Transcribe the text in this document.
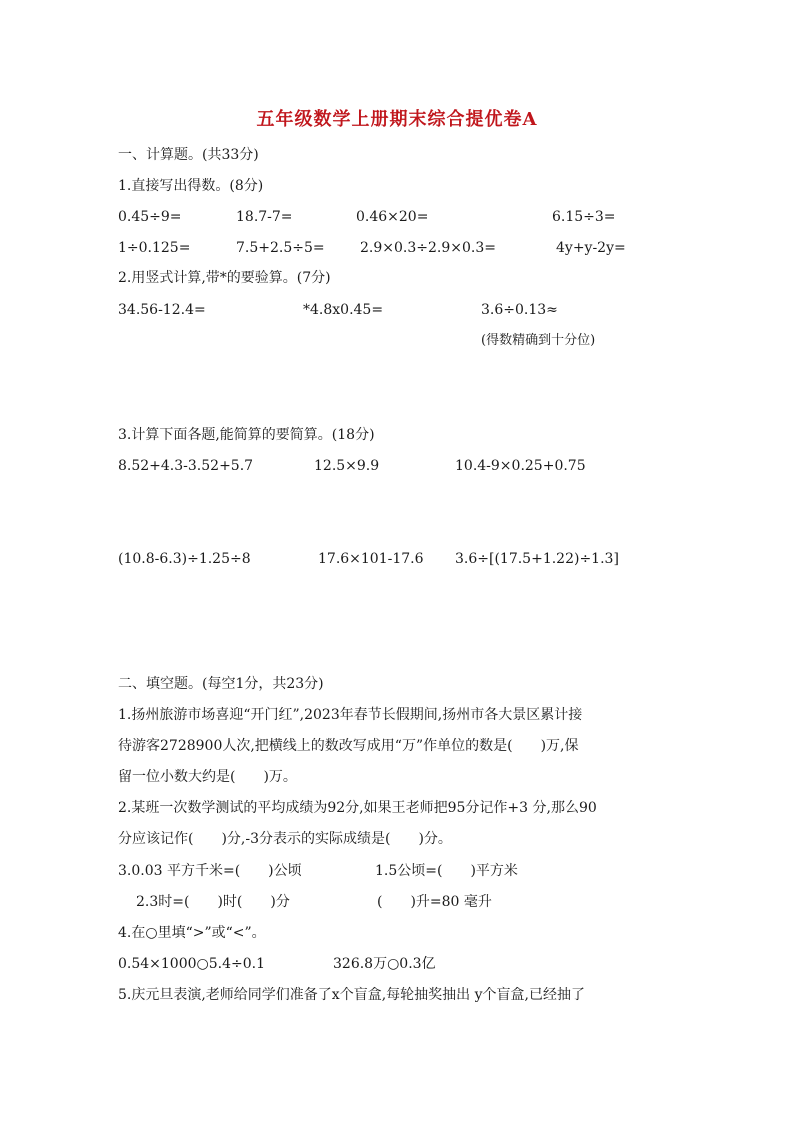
五年级数学上册期末综合提优卷A
一、计算题。(共33分)
1.直接写出得数。(8分)
0.45÷9=	18.7-7=	0.46×20=	6.15÷3=
1÷0.125=	7.5+2.5÷5=	2.9×0.3÷2.9×0.3=	4y+y-2y=
2.用竖式计算,带*的要验算。(7分)
34.56-12.4=	*4.8x0.45=	3.6÷0.13≈
(得数精确到十分位)
3.计算下面各题,能简算的要简算。(18分)
8.52+4.3-3.52+5.7	12.5×9.9	10.4-9×0.25+0.75
(10.8-6.3)÷1.25÷8	17.6×101-17.6 3.6÷[(17.5+1.22)÷1.3]
二、填空题。(每空1分，共23分)
1.扬州旅游市场喜迎“开门红”,2023年春节长假期间,扬州市各大景区累计接
待游客2728900人次,把横线上的数改写成用“万”作单位的数是(　　)万,保
留一位小数大约是(　　)万。
2.某班一次数学测试的平均成绩为92分,如果王老师把95分记作+3 分,那么90
分应该记作(　　)分,-3分表示的实际成绩是(　　)分。
3.0.03 平方千米=(　　)公顷	1.5公顷=(　　)平方米
2.3时=(　　)时(　　)分	(　　)升=80 毫升
4.在○里填“>”或“<”。
0.54×1000○5.4÷0.1	326.8万○0.3亿
5.庆元旦表演,老师给同学们准备了x个盲盒,每轮抽奖抽出 y个盲盒,已经抽了
